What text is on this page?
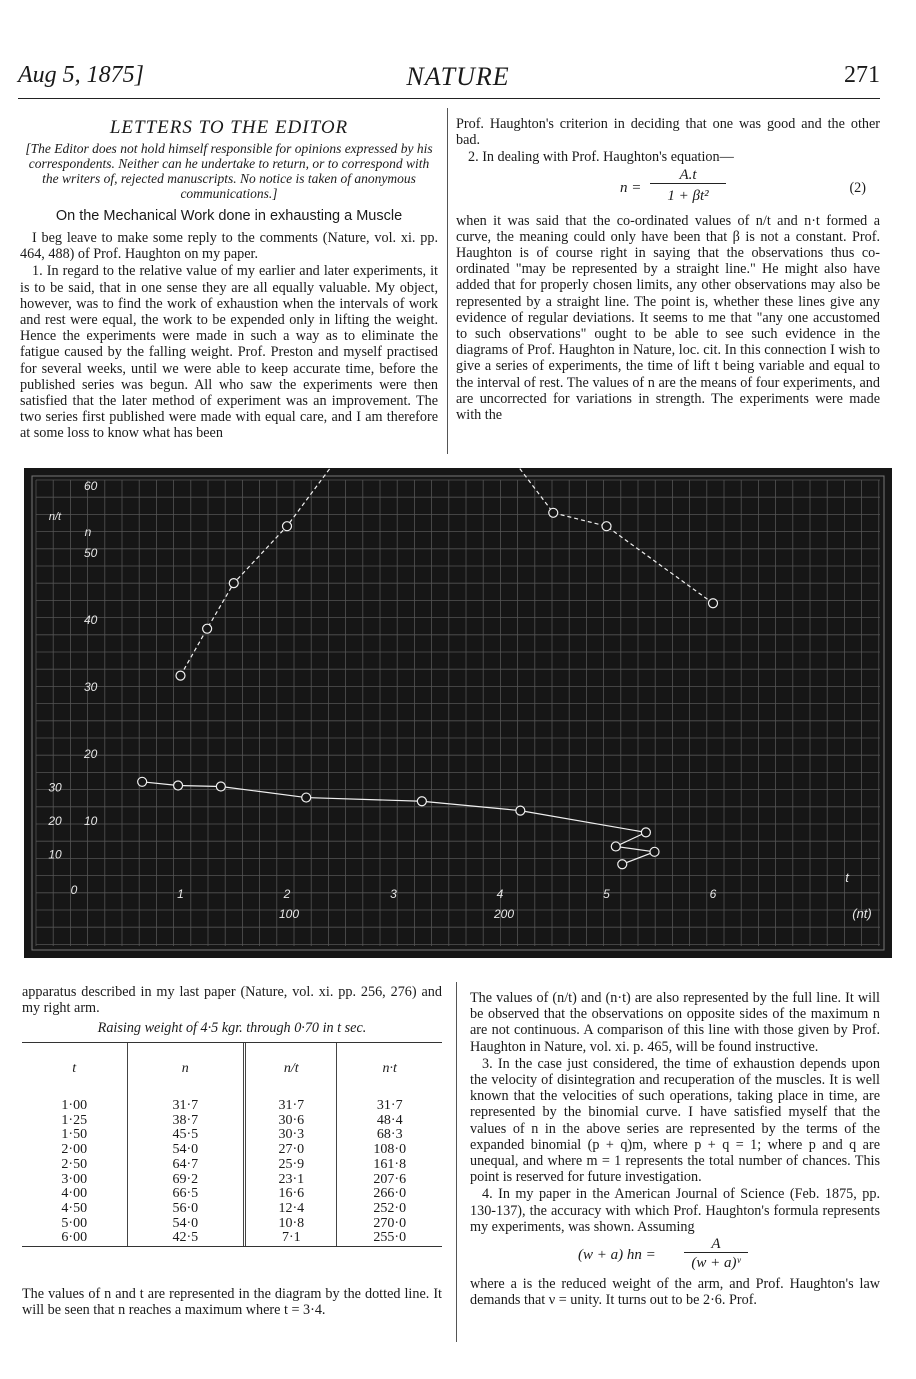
Aug 5, 1875]	NATURE	271
LETTERS TO THE EDITOR
[The Editor does not hold himself responsible for opinions expressed by his correspondents. Neither can he undertake to return, or to correspond with the writers of, rejected manuscripts. No notice is taken of anonymous communications.]
On the Mechanical Work done in exhausting a Muscle

I beg leave to make some reply to the comments (Nature, vol. xi. pp. 464, 488) of Prof. Haughton on my paper.

1. In regard to the relative value of my earlier and later experiments, it is to be said, that in one sense they are all equally valuable. My object, however, was to find the work of exhaustion when the intervals of work and rest were equal, the work to be expended only in lifting the weight. Hence the experiments were made in such a way as to eliminate the fatigue caused by the falling weight. Prof. Preston and myself practised for several weeks, until we were able to keep accurate time, before the published series was begun. All who saw the experiments were then satisfied that the later method of experiment was an improvement. The two series first published were made with equal care, and I am therefore at some loss to know what has been

Prof. Haughton's criterion in deciding that one was good and the other bad.

2. In dealing with Prof. Haughton's equation—

n =
A.t
1 + βt²	(2)

when it was said that the co-ordinated values of n/t and n·t formed a curve, the meaning could only have been that β is not a constant. Prof. Haughton is of course right in saying that the observations thus co-ordinated "may be represented by a straight line." He might also have added that for properly chosen limits, any other observations may also be represented by a straight line. The point is, whether these lines give any evidence of regular deviations. It seems to me that "any one accustomed to such observations" ought to be able to see such evidence in the diagrams of Prof. Haughton in Nature, loc. cit. In this connection I wish to give a series of experiments, the time of lift t being variable and equal to the interval of rest. The values of n are the means of four experiments, and are uncorrected for variations in strength. The experiments were made with the

0	1	2	3	4	5	6
100	200
10
20
30
40
50
60
10
20
30
n/t
n
t
(nt)

apparatus described in my last paper (Nature, vol. xi. pp. 256, 276) and my right arm.

Raising weight of 4·5 kgr. through 0·70 in t sec.
t	n	n/t	n·t
1·00	31·7	31·7	31·7
1·25	38·7	30·6	48·4
1·50	45·5	30·3	68·3
2·00	54·0	27·0	108·0
2·50	64·7	25·9	161·8
3·00	69·2	23·1	207·6
4·00	66·5	16·6	266·0
4·50	56·0	12·4	252·0
5·00	54·0	10·8	270·0
6·00	42·5	7·1	255·0

The values of n and t are represented in the diagram by the dotted line. It will be seen that n reaches a maximum where t = 3·4.

The values of (n/t) and (n·t) are also represented by the full line. It will be observed that the observations on opposite sides of the maximum n are not continuous. A comparison of this line with those given by Prof. Haughton in Nature, vol. xi. p. 465, will be found instructive.

3. In the case just considered, the time of exhaustion depends upon the velocity of disintegration and recuperation of the muscles. It is well known that the velocities of such operations, taking place in time, are represented by the binomial curve. I have satisfied myself that the values of n in the above series are represented by the terms of the expanded binomial (p + q)m, where p + q = 1; where p and q are unequal, and where m = 1 represents the total number of chances. This point is reserved for future investigation.

4. In my paper in the American Journal of Science (Feb. 1875, pp. 130-137), the accuracy with which Prof. Haughton's formula represents my experiments, was shown. Assuming

(w + a) hn =
A
(w + a)ᵛ

where a is the reduced weight of the arm, and Prof. Haughton's law demands that ν = unity. It turns out to be 2·6. Prof.
